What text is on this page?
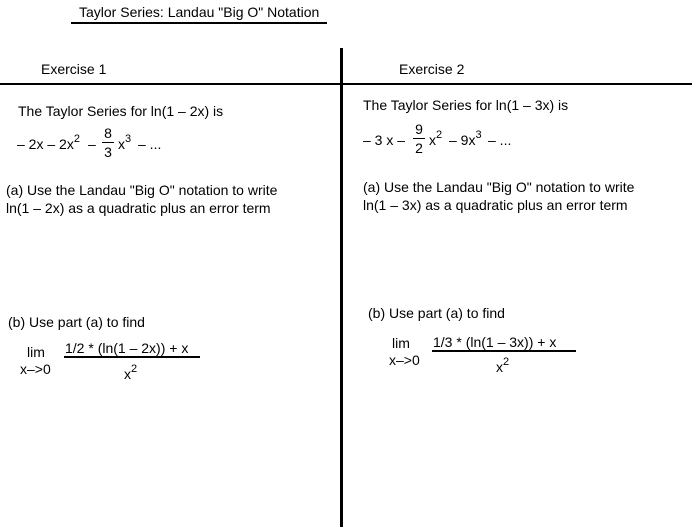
Taylor Series: Landau "Big O" Notation
Exercise 1
The Taylor Series for ln(1 – 2x) is
– $2x - 2x^2$ –
8
3 $x^3$ – ...
(a) Use the Landau "Big O" notation to write
ln(1 – 2x) as a quadratic plus an error term
(b) Use part (a) to find
lim
x–>0
1/2 * (ln(1 – 2x)) + x
$x^2$
Exercise 2
The Taylor Series for ln(1 – 3x) is
– 3 x –
9
2 $x^2 - 9x^3$ – ...
(a) Use the Landau "Big O" notation to write
ln(1 – 3x) as a quadratic plus an error term
(b) Use part (a) to find
lim
x–>0
1/3 * (ln(1 – 3x)) + x
$x^2$
